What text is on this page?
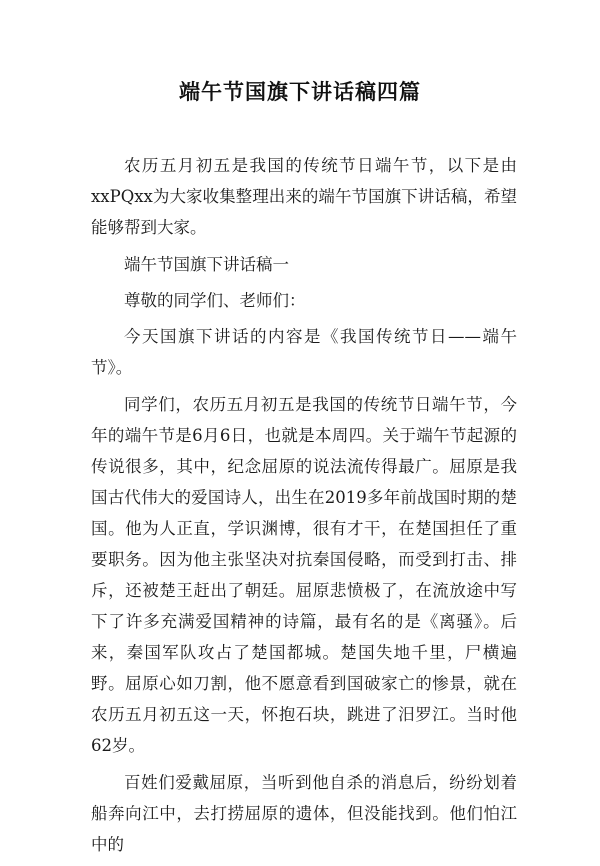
端午节国旗下讲话稿四篇

农历五月初五是我国的传统节日端午节，以下是由xxPQxx为大家收集整理出来的端午节国旗下讲话稿，希望能够帮到大家。

端午节国旗下讲话稿一

尊敬的同学们、老师们：

今天国旗下讲话的内容是《我国传统节日——端午节》。

同学们，农历五月初五是我国的传统节日端午节，今年的端午节是6月6日，也就是本周四。关于端午节起源的传说很多，其中，纪念屈原的说法流传得最广。屈原是我国古代伟大的爱国诗人，出生在2019多年前战国时期的楚国。他为人正直，学识渊博，很有才干，在楚国担任了重要职务。因为他主张坚决对抗秦国侵略，而受到打击、排斥，还被楚王赶出了朝廷。屈原悲愤极了，在流放途中写下了许多充满爱国精神的诗篇，最有名的是《离骚》。后来，秦国军队攻占了楚国都城。楚国失地千里，尸横遍野。屈原心如刀割，他不愿意看到国破家亡的惨景，就在农历五月初五这一天，怀抱石块，跳进了汨罗江。当时他62岁。

百姓们爱戴屈原，当听到他自杀的消息后，纷纷划着船奔向江中，去打捞屈原的遗体，但没能找到。他们怕江中的
